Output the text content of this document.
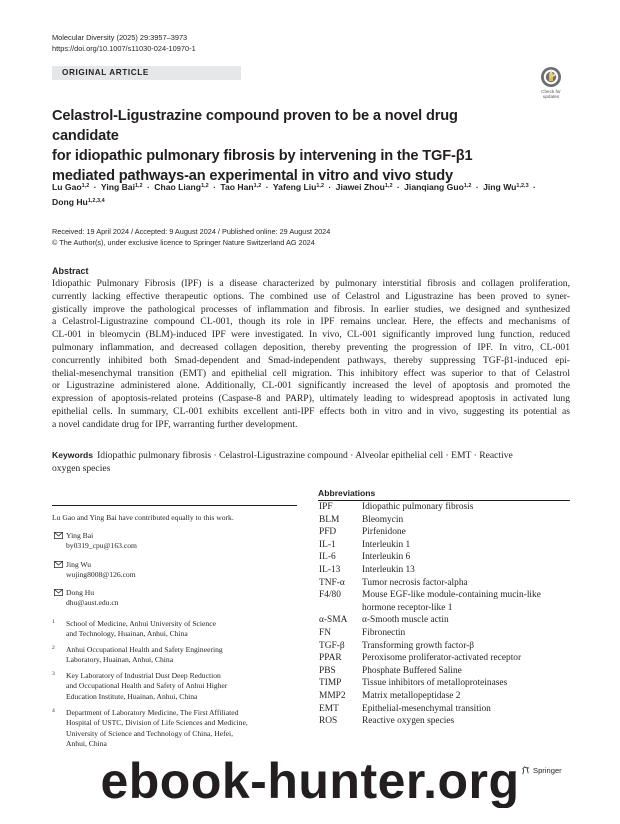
Molecular Diversity (2025) 29:3957–3973
https://doi.org/10.1007/s11030-024-10970-1
ORIGINAL ARTICLE
Check for
updates
Celastrol-Ligustrazine compound proven to be a novel drug candidate
for idiopathic pulmonary fibrosis by intervening in the TGF-β1
mediated pathways-an experimental in vitro and vivo study
Lu Gao$^{1,2}$ · Ying Bai$^{1,2}$ · Chao Liang$^{1,2}$ · Tao Han$^{1,2}$ · Yafeng Liu$^{1,2}$ · Jiawei Zhou$^{1,2}$ · Jianqiang Guo$^{1,2}$ · Jing Wu$^{1,2,3}$ ·
Dong Hu$^{1,2,3,4}$
Received: 19 April 2024 / Accepted: 9 August 2024 / Published online: 29 August 2024
© The Author(s), under exclusive licence to Springer Nature Switzerland AG 2024
Abstract
Idiopathic Pulmonary Fibrosis (IPF) is a disease characterized by pulmonary interstitial fibrosis and collagen proliferation,
currently lacking effective therapeutic options. The combined use of Celastrol and Ligustrazine has been proved to syner-
gistically improve the pathological processes of inflammation and fibrosis. In earlier studies, we designed and synthesized
a Celastrol-Ligustrazine compound CL-001, though its role in IPF remains unclear. Here, the effects and mechanisms of
CL-001 in bleomycin (BLM)-induced IPF were investigated. In vivo, CL-001 significantly improved lung function, reduced
pulmonary inflammation, and decreased collagen deposition, thereby preventing the progression of IPF. In vitro, CL-001
concurrently inhibited both Smad-dependent and Smad-independent pathways, thereby suppressing TGF-β1-induced epi-
thelial-mesenchymal transition (EMT) and epithelial cell migration. This inhibitory effect was superior to that of Celastrol
or Ligustrazine administered alone. Additionally, CL-001 significantly increased the level of apoptosis and promoted the
expression of apoptosis-related proteins (Caspase-8 and PARP), ultimately leading to widespread apoptosis in activated lung
epithelial cells. In summary, CL-001 exhibits excellent anti-IPF effects both in vitro and in vivo, suggesting its potential as
a novel candidate drug for IPF, warranting further development.
Keywords Idiopathic pulmonary fibrosis · Celastrol-Ligustrazine compound · Alveolar epithelial cell · EMT · Reactive
oxygen species
Lu Gao and Ying Bai have contributed equally to this work.
Ying Bai
by0319_cpu@163.com
Jing Wu
wujing8008@126.com
Dong Hu
dhu@aust.edu.cn
1 School of Medicine, Anhui University of Science
and Technology, Huainan, Anhui, China
2 Anhui Occupational Health and Safety Engineering
Laboratory, Huainan, Anhui, China
3 Key Laboratory of Industrial Dust Deep Reduction
and Occupational Health and Safety of Anhui Higher
Education Institute, Huainan, Anhui, China
4 Department of Laboratory Medicine, The First Affiliated
Hospital of USTC, Division of Life Sciences and Medicine,
University of Science and Technology of China, Hefei,
Anhui, China
Abbreviations
IPF	Idiopathic pulmonary fibrosis
BLM	Bleomycin
PFD	Pirfenidone
IL-1	Interleukin 1
IL-6	Interleukin 6
IL-13	Interleukin 13
TNF-α	Tumor necrosis factor-alpha
F4/80	Mouse EGF-like module-containing mucin-like
hormone receptor-like 1
α-SMA	α-Smooth muscle actin
FN	Fibronectin
TGF-β	Transforming growth factor-β
PPAR	Peroxisome proliferator-activated receptor
PBS	Phosphate Buffered Saline
TIMP	Tissue inhibitors of metalloproteinases
MMP2	Matrix metallopeptidase 2
EMT	Epithelial-mesenchymal transition
ROS	Reactive oxygen species
Springer
ebook-hunter.org
